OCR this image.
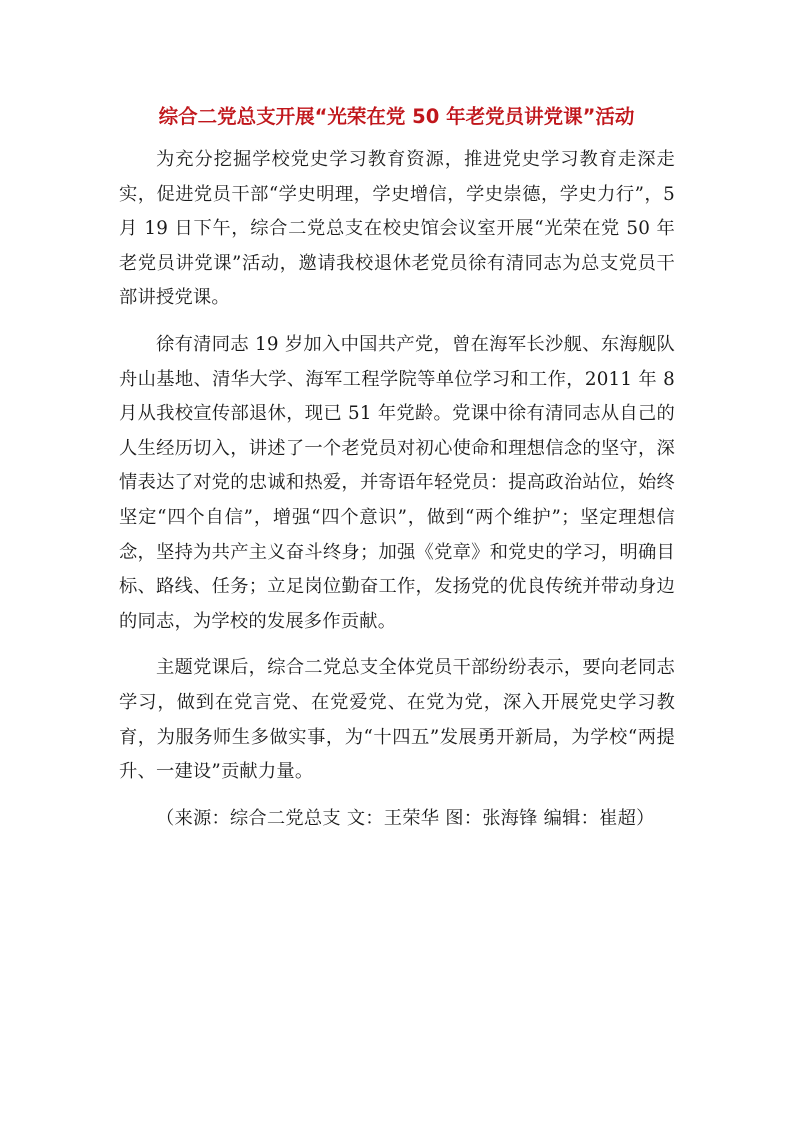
综合二党总支开展“光荣在党 50 年老党员讲党课”活动

为充分挖掘学校党史学习教育资源，推进党史学习教育走深走实，促进党员干部“学史明理，学史增信，学史崇德，学史力行”，5 月 19 日下午，综合二党总支在校史馆会议室开展“光荣在党 50 年老党员讲党课”活动，邀请我校退休老党员徐有清同志为总支党员干部讲授党课。

徐有清同志 19 岁加入中国共产党，曾在海军长沙舰、东海舰队舟山基地、清华大学、海军工程学院等单位学习和工作，2011 年 8 月从我校宣传部退休，现已 51 年党龄。党课中徐有清同志从自己的人生经历切入，讲述了一个老党员对初心使命和理想信念的坚守，深情表达了对党的忠诚和热爱，并寄语年轻党员：提高政治站位，始终坚定“四个自信”，增强“四个意识”，做到“两个维护”；坚定理想信念，坚持为共产主义奋斗终身；加强《党章》和党史的学习，明确目标、路线、任务；立足岗位勤奋工作，发扬党的优良传统并带动身边的同志，为学校的发展多作贡献。

主题党课后，综合二党总支全体党员干部纷纷表示，要向老同志学习，做到在党言党、在党爱党、在党为党，深入开展党史学习教育，为服务师生多做实事，为“十四五”发展勇开新局，为学校“两提升、一建设”贡献力量。

（来源：综合二党总支 文：王荣华 图：张海锋 编辑：崔超）
